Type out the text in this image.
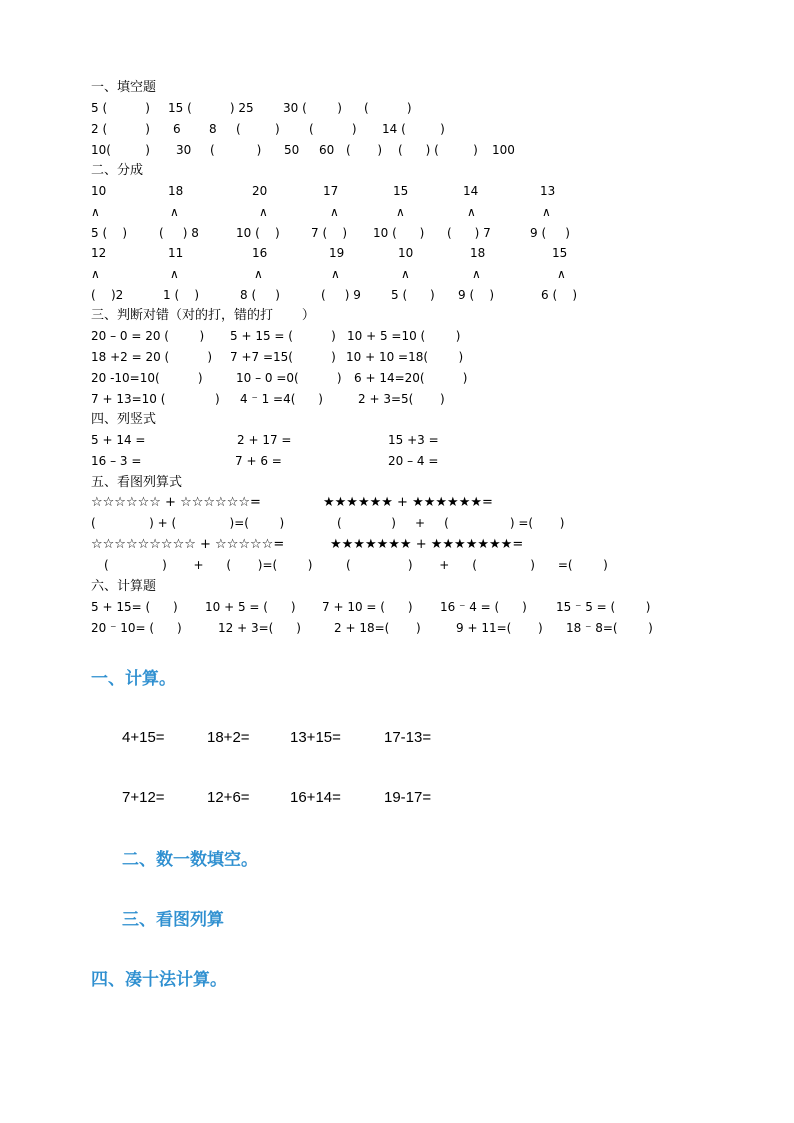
一、填空题
5 (          ) 15 (          ) 25 30 (        ) (          )
2 (          ) 6 8 (         ) (          ) 14 (         )
10(         ) 30 (           ) 50 60 (       ) (      ) (         ) 100
二、分成
10	18	20	17	15	14	13
∧	∧	∧	∧	∧	∧	∧
5 (    )	(     ) 8	10 (    )	7 (    ) 10 (      ) (      ) 7	9 (     )
12	11	16	19	10	18	15
∧	∧	∧	∧	∧	∧	∧
(    )2	1 (    )	8 (     )	(     ) 9	5 (      ) 9 (    )	6 (    )
三、判断对错（对的打，错的打       ）
20 – 0 = 20 (        ) 5 + 15 = (          ) 10 + 5 =10 (        )
18 +2 = 20 (          ) 7 +7 =15(          ) 10 + 10 =18(        )
20 -10=10(          )	10 – 0 =0(          ) 6 + 14=20(          )
7 + 13=10 (             ) 4 ⁻ 1 =4(      )	2 + 3=5(       )
四、列竖式
5 + 14 =	2 + 17 =	15 +3 =
16 – 3 =	7 + 6 =	20 – 4 =
五、看图列算式
☆☆☆☆☆☆ + ☆☆☆☆☆☆=	★★★★★★ + ★★★★★★=
(              ) + (              )=(        )	(             )     +     (                ) =(       )
☆☆☆☆☆☆☆☆☆ + ☆☆☆☆☆=	★★★★★★★ + ★★★★★★★=
(              )       +      (       )=(        )	(               )       +      (              )      =(        )
六、计算题
5 + 15= (      ) 10 + 5 = (      ) 7 + 10 = (      ) 16 ⁻ 4 = (      ) 15 ⁻ 5 = (        )
20 ⁻ 10= (      )	12 + 3=(      )	2 + 18=(       )	9 + 11=(       ) 18 ⁻ 8=(        )
一、计算。
4+15=	18+2=	13+15=	17-13=
7+12=	12+6=	16+14=	19-17=
二、数一数填空。
三、看图列算
四、凑十法计算。
